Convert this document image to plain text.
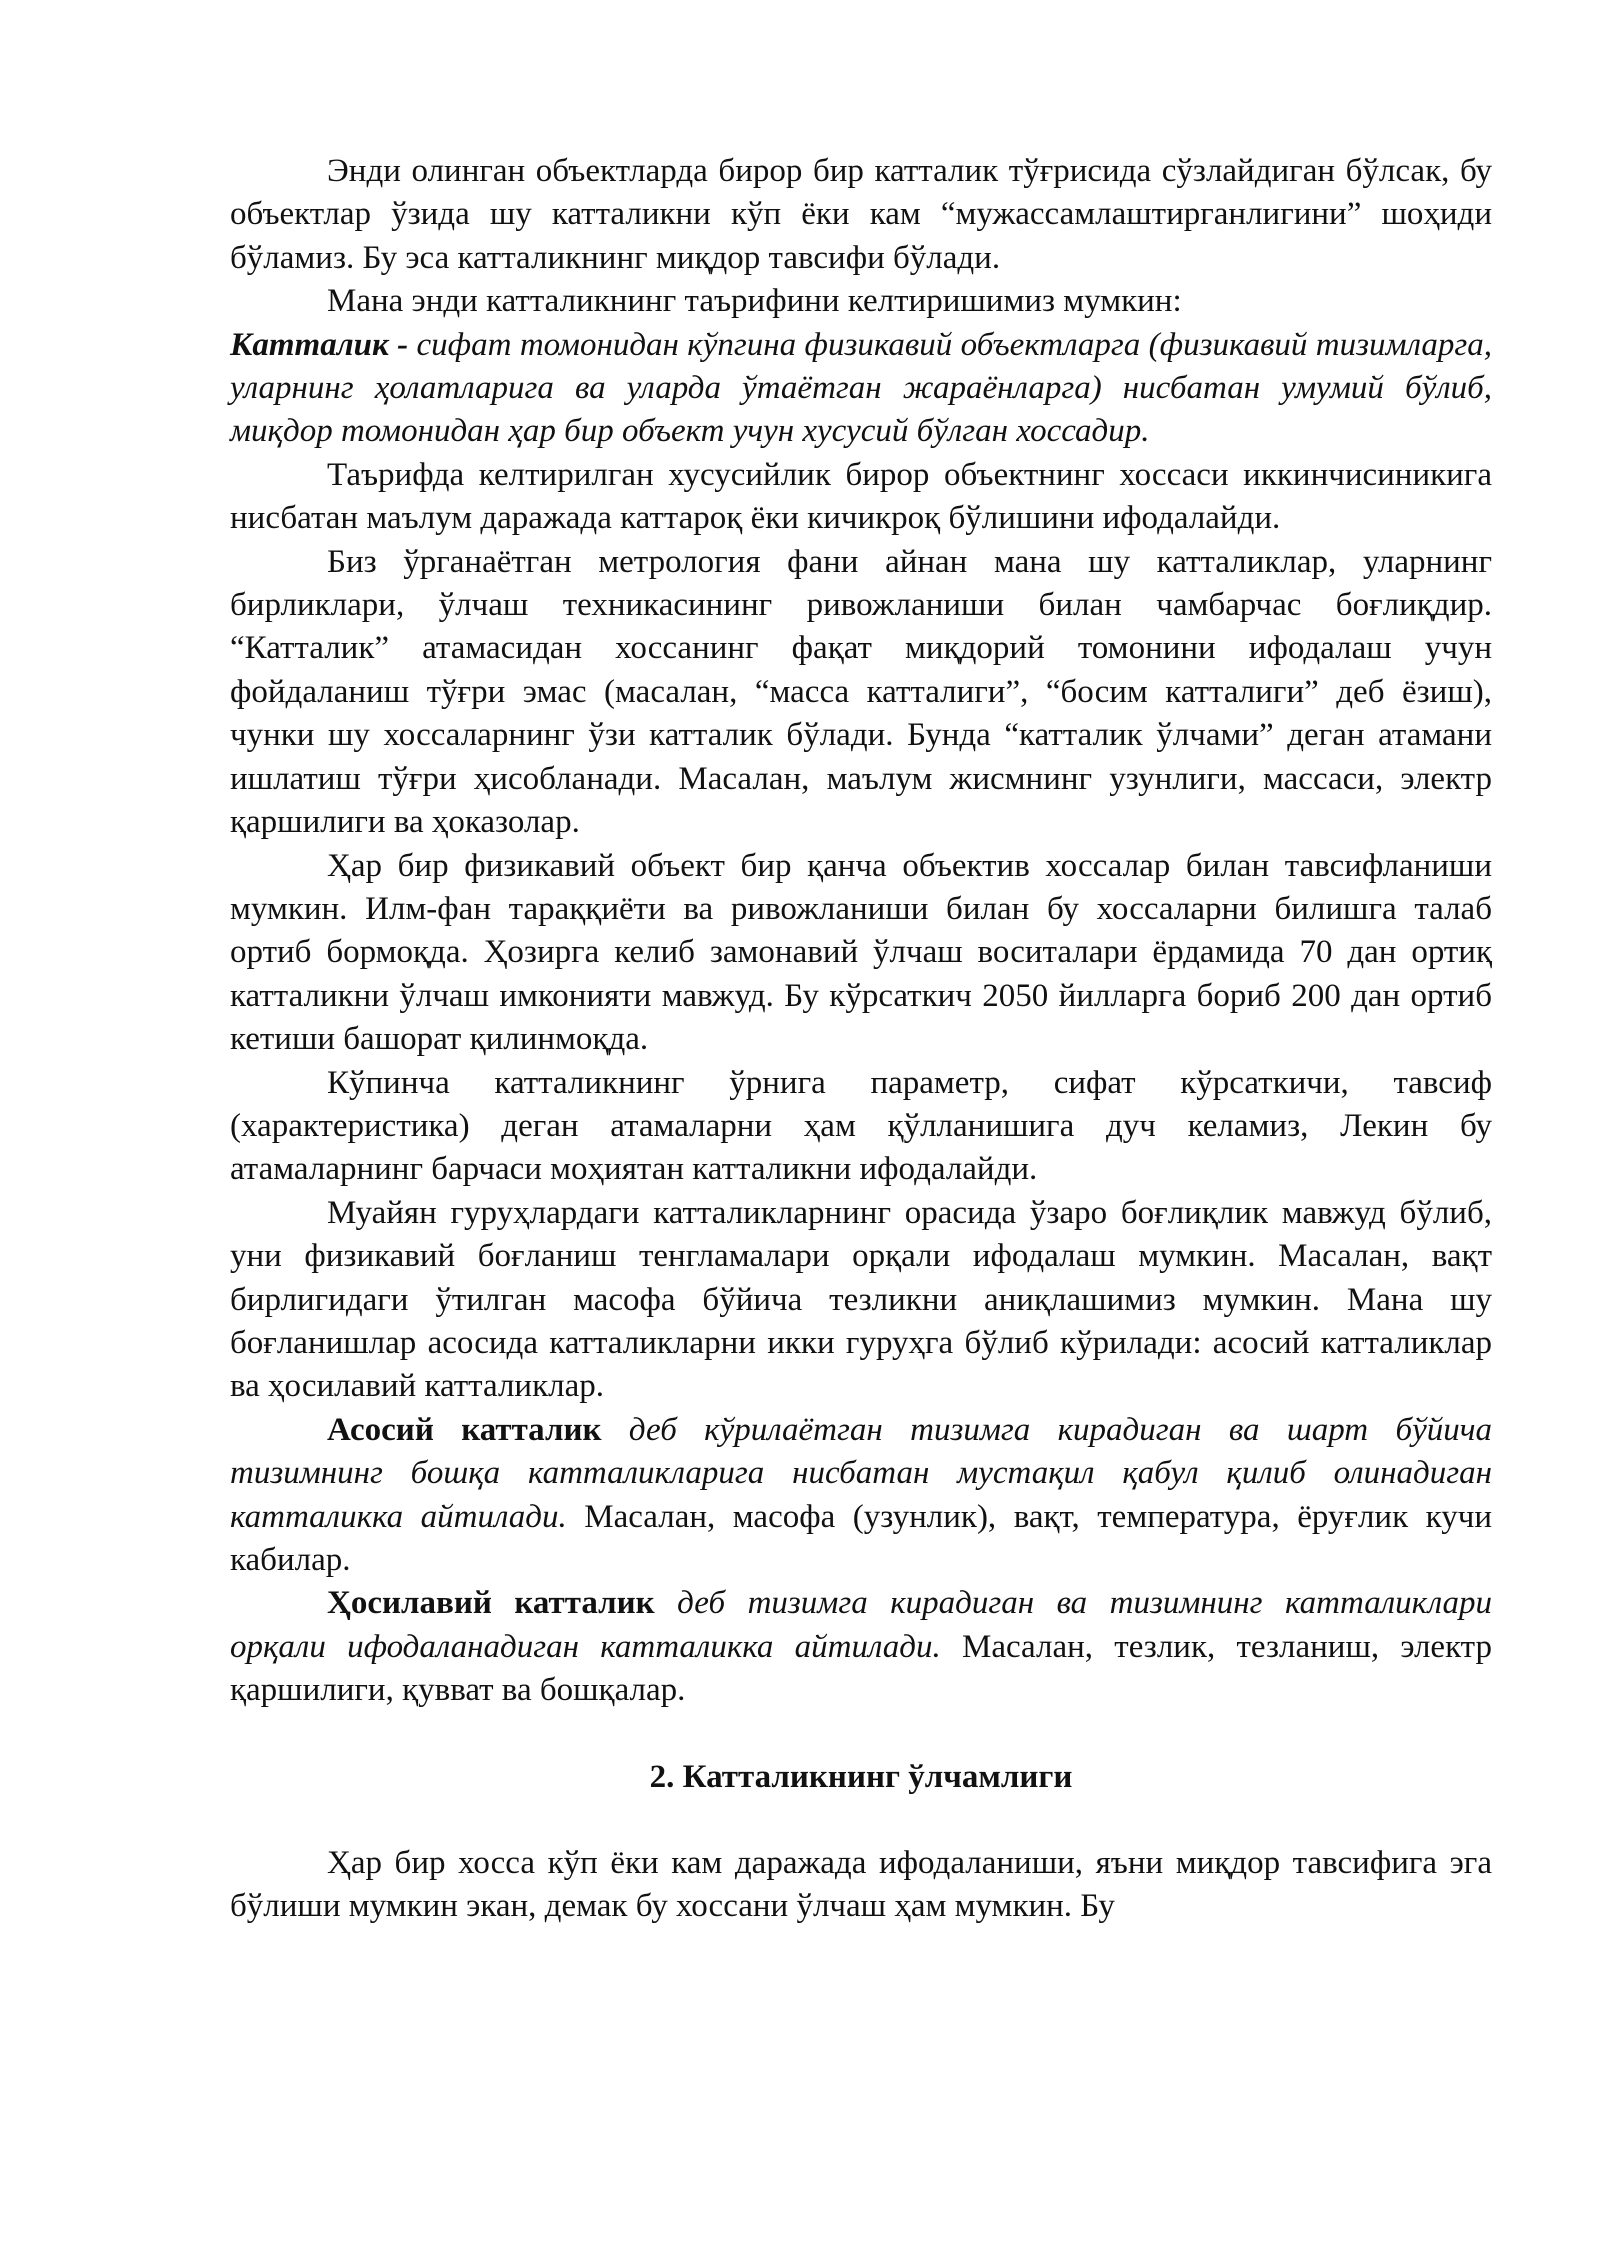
Энди олинган объектларда бирор бир катталик тўғрисида сўзлайдиган бўлсак, бу объектлар ўзида шу катталикни кўп ёки кам “мужассамлаштирганлигини” шоҳиди бўламиз. Бу эса катталикнинг миқдор тавсифи бўлади.

Мана энди катталикнинг таърифини келтиришимиз мумкин:

Катталик - сифат томонидан кўпгина физикавий объектларга (физикавий тизимларга, уларнинг ҳолатларига ва уларда ўтаётган жараёнларга) нисбатан умумий бўлиб, миқдор томонидан ҳар бир объект учун хусусий бўлган хоссадир.

Таърифда келтирилган хусусийлик бирор объектнинг хоссаси иккинчисиникига нисбатан маълум даражада каттароқ ёки кичикроқ бўлишини ифодалайди.

Биз ўрганаётган метрология фани айнан мана шу катталиклар, уларнинг бирликлари, ўлчаш техникасининг ривожланиши билан чамбарчас боғлиқдир. “Катталик” атамасидан хоссанинг фақат миқдорий томонини ифодалаш учун фойдаланиш тўғри эмас (масалан, “масса катталиги”, “босим катталиги” деб ёзиш), чунки шу хоссаларнинг ўзи катталик бўлади. Бунда “катталик ўлчами” деган атамани ишлатиш тўғри ҳисобланади. Масалан, маълум жисмнинг узунлиги, массаси, электр қаршилиги ва ҳоказолар.

Ҳар бир физикавий объект бир қанча объектив хоссалар билан тавсифланиши мумкин. Илм-фан тараққиёти ва ривожланиши билан бу хоссаларни билишга талаб ортиб бормоқда. Ҳозирга келиб замонавий ўлчаш воситалари ёрдамида 70 дан ортиқ катталикни ўлчаш имконияти мавжуд. Бу кўрсаткич 2050 йилларга бориб 200 дан ортиб кетиши башорат қилинмоқда.

Кўпинча катталикнинг ўрнига параметр, сифат кўрсаткичи, тавсиф (характеристика) деган атамаларни ҳам қўлланишига дуч келамиз, Лекин бу атамаларнинг барчаси моҳиятан катталикни ифодалайди.

Муайян гуруҳлардаги катталикларнинг орасида ўзаро боғлиқлик мавжуд бўлиб, уни физикавий боғланиш тенгламалари орқали ифодалаш мумкин. Масалан, вақт бирлигидаги ўтилган масофа бўйича тезликни аниқлашимиз мумкин. Мана шу боғланишлар асосида катталикларни икки гуруҳга бўлиб кўрилади: асосий катталиклар ва ҳосилавий катталиклар.

Асосий катталик деб кўрилаётган тизимга кирадиган ва шарт бўйича тизимнинг бошқа катталикларига нисбатан мустақил қабул қилиб олинадиган катталикка айтилади. Масалан, масофа (узунлик), вақт, температура, ёруғлик кучи кабилар.

Ҳосилавий катталик деб тизимга кирадиган ва тизимнинг катталиклари орқали ифодаланадиган катталикка айтилади. Масалан, тезлик, тезланиш, электр қаршилиги, қувват ва бошқалар.

2. Катталикнинг ўлчамлиги

Ҳар бир хосса кўп ёки кам даражада ифодаланиши, яъни миқдор тавсифига эга бўлиши мумкин экан, демак бу хоссани ўлчаш ҳам мумкин. Бу
